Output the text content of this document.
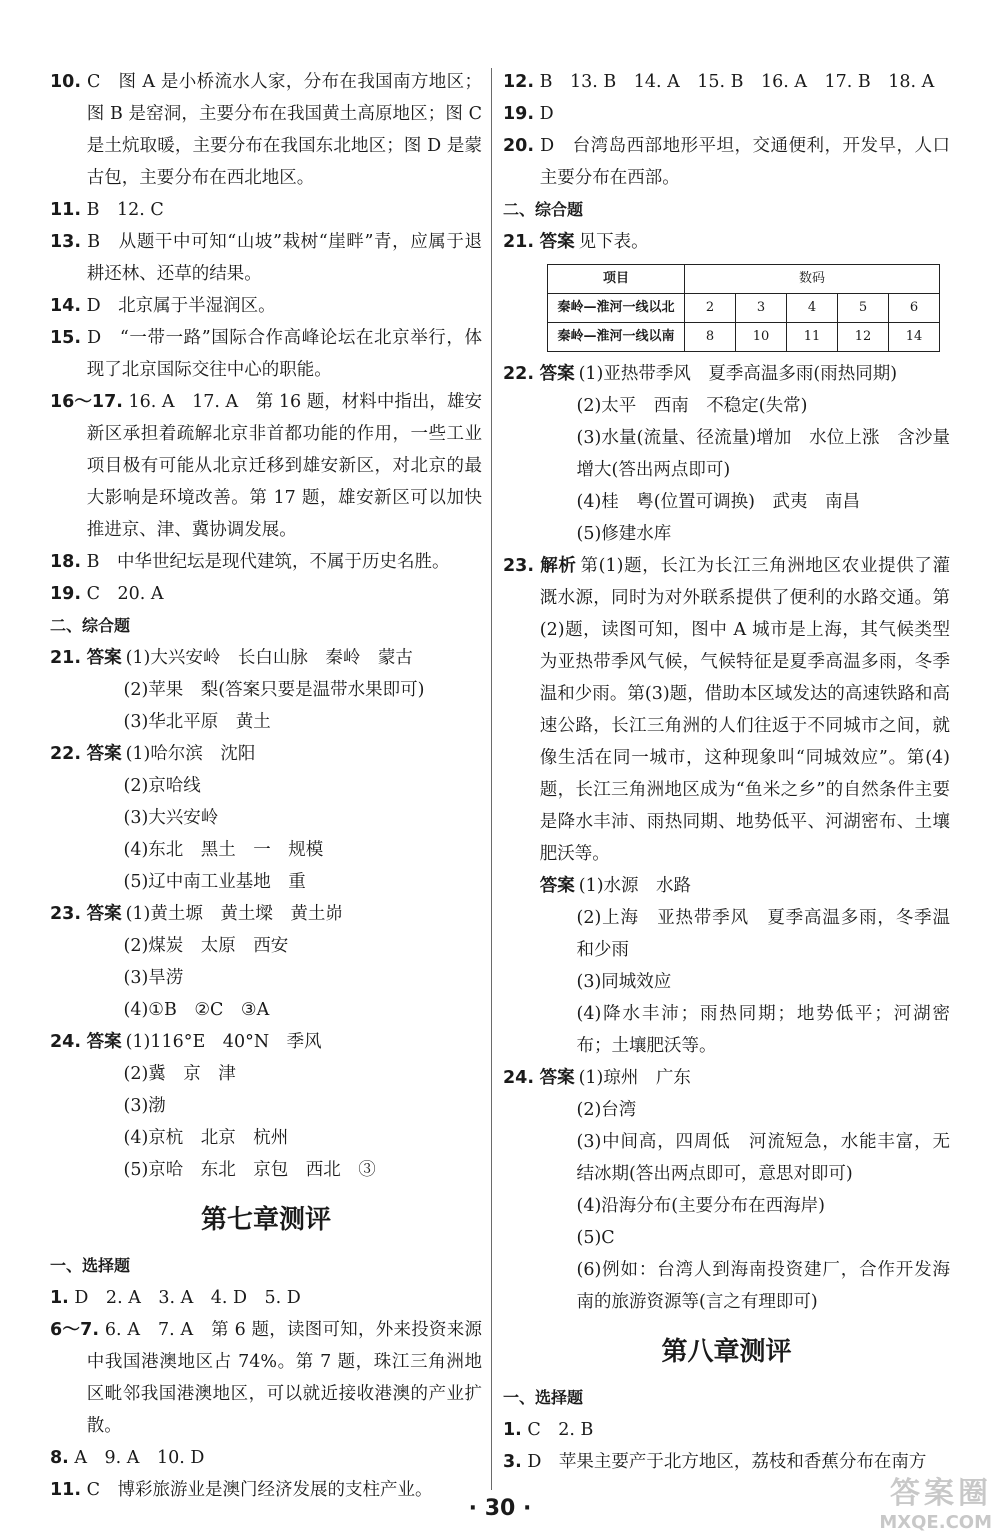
10. C　图 A 是小桥流水人家，分布在我国南方地区；图 B 是窑洞，主要分布在我国黄土高原地区；图 C 是土炕取暖，主要分布在我国东北地区；图 D 是蒙古包，主要分布在西北地区。
11. B　12. C
13. B　从题干中可知“山坡”栽树“崖畔”青，应属于退耕还林、还草的结果。
14. D　北京属于半湿润区。
15. D　“一带一路”国际合作高峰论坛在北京举行，体现了北京国际交往中心的职能。
16～17. 16. A　17. A　第 16 题，材料中指出，雄安新区承担着疏解北京非首都功能的作用，一些工业项目极有可能从北京迁移到雄安新区，对北京的最大影响是环境改善。第 17 题，雄安新区可以加快推进京、津、冀协调发展。
18. B　中华世纪坛是现代建筑，不属于历史名胜。
19. C　20. A
二、综合题
21. 答案 (1)大兴安岭　长白山脉　秦岭　蒙古
(2)苹果　梨(答案只要是温带水果即可)
(3)华北平原　黄土
22. 答案 (1)哈尔滨　沈阳
(2)京哈线
(3)大兴安岭
(4)东北　黑土　一　规模
(5)辽中南工业基地　重
23. 答案 (1)黄土塬　黄土墚　黄土峁
(2)煤炭　太原　西安
(3)旱涝
(4)①B　②C　③A
24. 答案 (1)116°E　40°N　季风
(2)冀　京　津
(3)渤
(4)京杭　北京　杭州
(5)京哈　东北　京包　西北　③
第七章测评
一、选择题
1. D　2. A　3. A　4. D　5. D
6～7. 6. A　7. A　第 6 题，读图可知，外来投资来源中我国港澳地区占 74%。第 7 题，珠江三角洲地区毗邻我国港澳地区，可以就近接收港澳的产业扩散。
8. A　9. A　10. D
11. C　博彩旅游业是澳门经济发展的支柱产业。
12. B　13. B　14. A　15. B　16. A　17. B　18. A
19. D
20. D　台湾岛西部地形平坦，交通便利，开发早，人口主要分布在西部。
二、综合题
21. 答案 见下表。
项目	数码				
秦岭—淮河一线以北	2	3	4	5	6
秦岭—淮河一线以南	8	10	11	12	14
22. 答案 (1)亚热带季风　夏季高温多雨(雨热同期)
(2)太平　西南　不稳定(失常)
(3)水量(流量、径流量)增加　水位上涨　含沙量增大(答出两点即可)
(4)桂　粤(位置可调换)　武夷　南昌
(5)修建水库
23. 解析 第(1)题，长江为长江三角洲地区农业提供了灌溉水源，同时为对外联系提供了便利的水路交通。第(2)题，读图可知，图中 A 城市是上海，其气候类型为亚热带季风气候，气候特征是夏季高温多雨，冬季温和少雨。第(3)题，借助本区域发达的高速铁路和高速公路，长江三角洲的人们往返于不同城市之间，就像生活在同一城市，这种现象叫“同城效应”。第(4)题，长江三角洲地区成为“鱼米之乡”的自然条件主要是降水丰沛、雨热同期、地势低平、河湖密布、土壤肥沃等。
答案 (1)水源　水路
(2)上海　亚热带季风　夏季高温多雨，冬季温和少雨
(3)同城效应
(4)降水丰沛；雨热同期；地势低平；河湖密布；土壤肥沃等。
24. 答案 (1)琼州　广东
(2)台湾
(3)中间高，四周低　河流短急，水能丰富，无结冰期(答出两点即可，意思对即可)
(4)沿海分布(主要分布在西海岸)
(5)C
(6)例如：台湾人到海南投资建厂，合作开发海南的旅游资源等(言之有理即可)
第八章测评
一、选择题
1. C　2. B
3. D　苹果主要产于北方地区，荔枝和香蕉分布在南方
· 30 ·	答案圈
MXQE.COM
